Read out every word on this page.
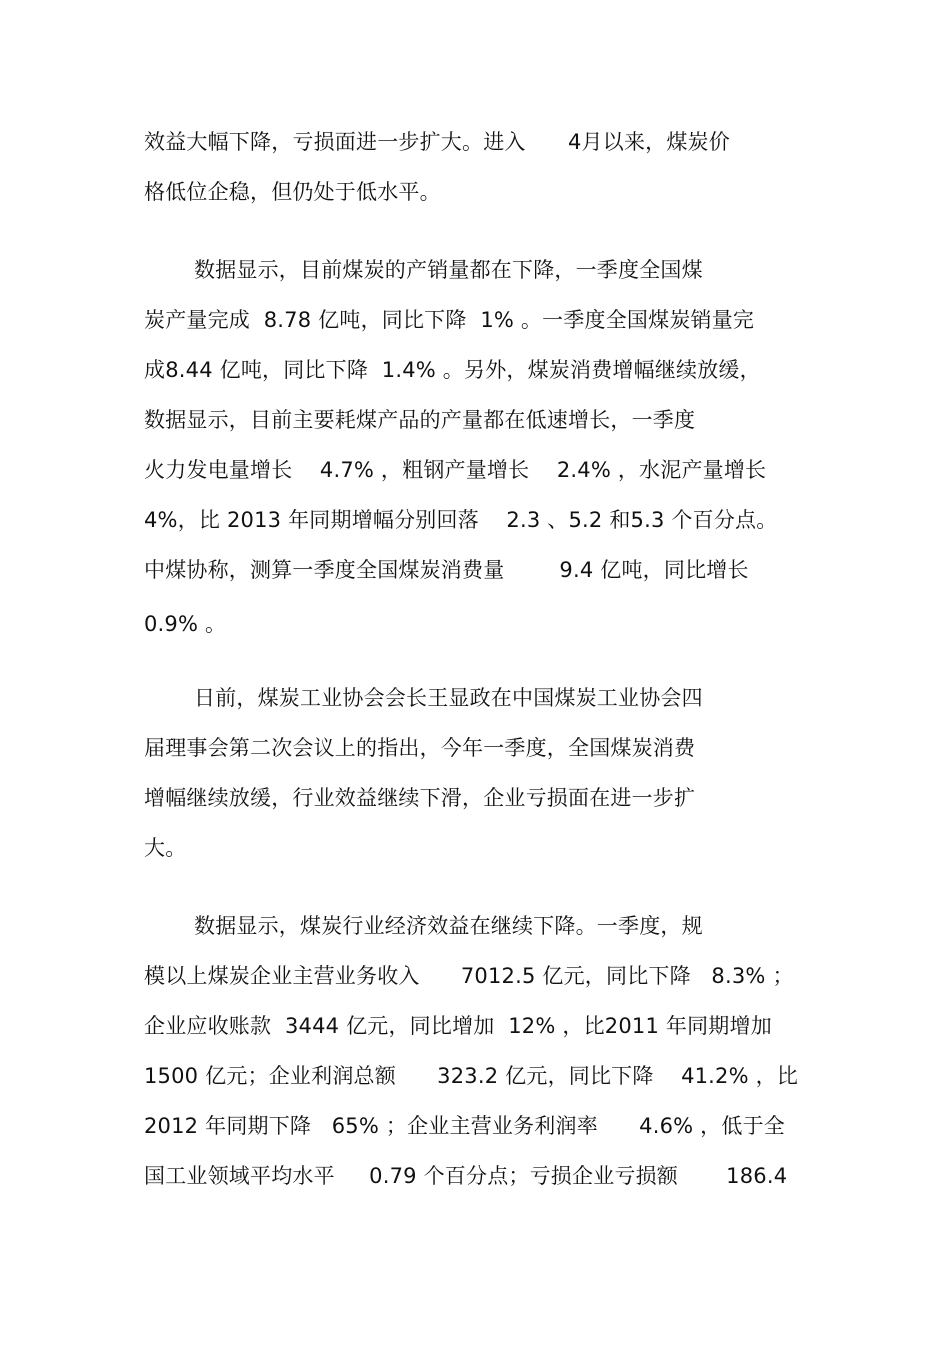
效益大幅下降，亏损面进一步扩大。进入　　4月以来，煤炭价
格低位企稳，但仍处于低水平。
数据显示，目前煤炭的产销量都在下降，一季度全国煤
炭产量完成  8.78 亿吨，同比下降  1% 。一季度全国煤炭销量完
成8.44 亿吨，同比下降  1.4% 。另外，煤炭消费增幅继续放缓，
数据显示，目前主要耗煤产品的产量都在低速增长，一季度
火力发电量增长    4.7% ，粗钢产量增长    2.4% ，水泥产量增长
4%，比 2013 年同期增幅分别回落    2.3 、5.2 和5.3 个百分点。
中煤协称，测算一季度全国煤炭消费量        9.4 亿吨，同比增长
0.9% 。
日前，煤炭工业协会会长王显政在中国煤炭工业协会四
届理事会第二次会议上的指出，今年一季度，全国煤炭消费
增幅继续放缓，行业效益继续下滑，企业亏损面在进一步扩
大。
数据显示，煤炭行业经济效益在继续下降。一季度，规
模以上煤炭企业主营业务收入      7012.5 亿元，同比下降   8.3% ；
企业应收账款  3444 亿元，同比增加  12% ，比2011 年同期增加
1500 亿元；企业利润总额      323.2 亿元，同比下降    41.2% ，比
2012 年同期下降   65% ；企业主营业务利润率      4.6% ，低于全
国工业领域平均水平     0.79 个百分点；亏损企业亏损额       186.4
